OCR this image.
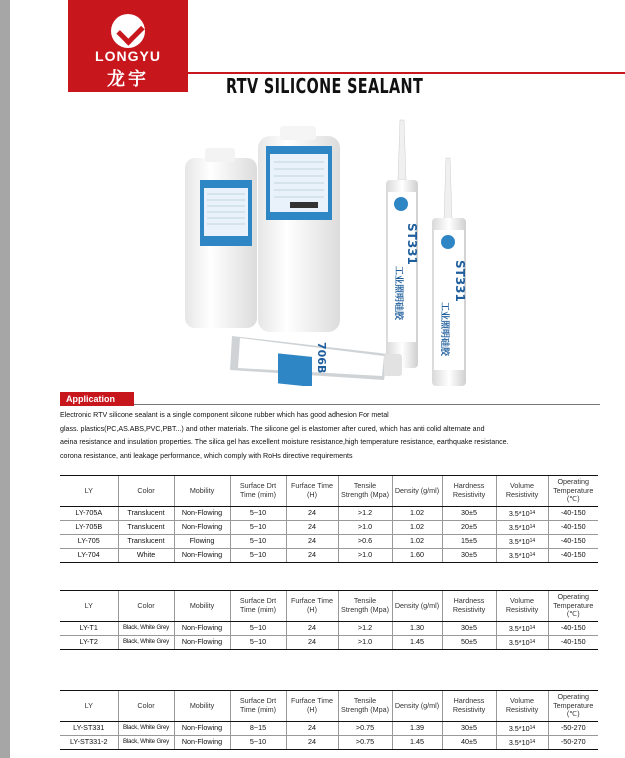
LONGYU
龙宇	RTV SILICONE SEALANT
ST331
工业照明硅胶	ST331
工业照明硅胶
706B
Application

Electronic RTV silicone sealant is a single component silcone rubber which has good adhesion For metal

glass. plastics(PC,AS.ABS,PVC,PBT...) and other materials. The silicone gel is elastomer after cured, which has anti colid alternate and

aeina resistance and insulation properties. The silica gel has excellent moisture resistance,high temperature resistance, earthquake resistance.

corona resistance, anti leakage performance, which comply with RoHs directive requirements

LY	Color	Mobility	Surface Drt Time (mim)	Furface Time (H)	Tensile Strength (Mpa)	Density (g/ml)	Hardness Resistivity	Volume Resistivity	Operating Temperature (℃)
LY-705A	Translucent	Non-Flowing	5~10	24	>1.2	1.02	30±5	$3.5*10^{14}$	-40-150
LY-705B	Translucent	Non-Flowing	5~10	24	>1.0	1.02	20±5	$3.5*10^{14}$	-40-150
LY-705	Translucent	Flowing	5~10	24	>0.6	1.02	15±5	$3.5*10^{14}$	-40-150
LY-704	White	Non-Flowing	5~10	24	>1.0	1.60	30±5	$3.5*10^{14}$	-40-150
LY	Color	Mobility	Surface Drt Time (mim)	Furface Time (H)	Tensile Strength (Mpa)	Density (g/ml)	Hardness Resistivity	Volume Resistivity	Operating Temperature (℃)
LY-T1	Black, White Grey	Non-Flowing	5~10	24	>1.2	1.30	30±5	$3.5*10^{14}$	-40-150
LY-T2	Black, White Grey	Non-Flowing	5~10	24	>1.0	1.45	50±5	$3.5*10^{14}$	-40-150
LY	Color	Mobility	Surface Drt Time (mim)	Furface Time (H)	Tensile Strength (Mpa)	Density (g/ml)	Hardness Resistivity	Volume Resistivity	Operating Temperature (℃)
LY-ST331	Black, White Grey	Non-Flowing	8~15	24	>0.75	1.39	30±5	$3.5*10^{14}$	-50-270
LY-ST331-2	Black, White Grey	Non-Flowing	5~10	24	>0.75	1.45	40±5	$3.5*10^{14}$	-50-270
